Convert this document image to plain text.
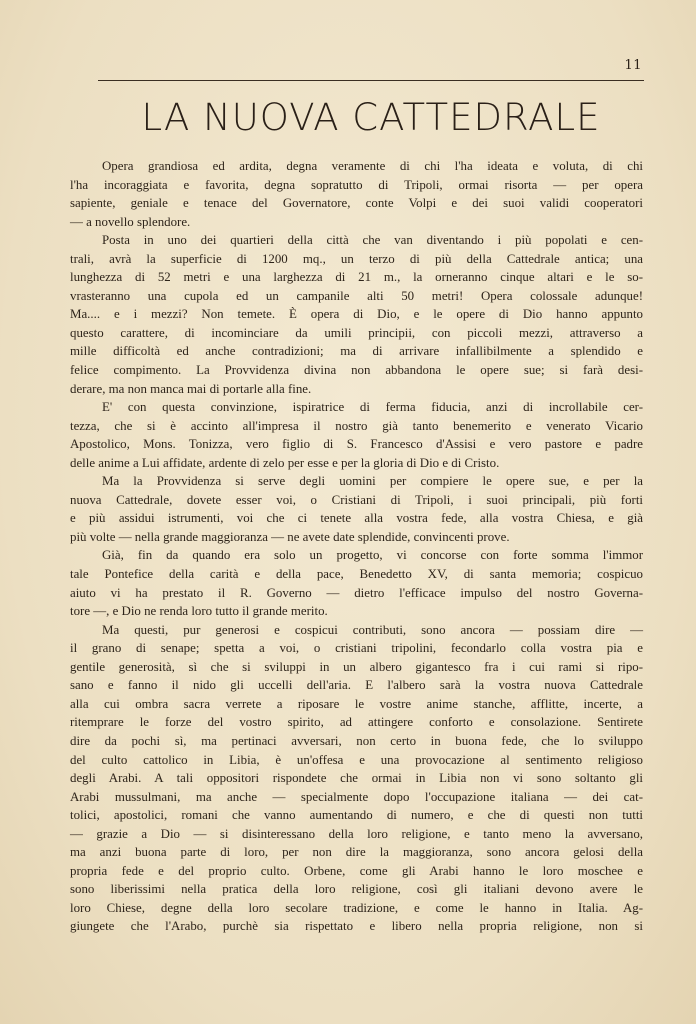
11
LA NUOVA CATTEDRALE
Opera grandiosa ed ardita, degna veramente di chi l'ha ideata e voluta, di chi
l'ha incoraggiata e favorita, degna sopratutto di Tripoli, ormai risorta — per opera
sapiente, geniale e tenace del Governatore, conte Volpi e dei suoi validi cooperatori
— a novello splendore.
Posta in uno dei quartieri della città che van diventando i più popolati e cen-
trali, avrà la superficie di 1200 mq., un terzo di più della Cattedrale antica; una
lunghezza di 52 metri e una larghezza di 21 m., la orneranno cinque altari e le so-
vrasteranno una cupola ed un campanile alti 50 metri! Opera colossale adunque!
Ma.... e i mezzi? Non temete. È opera di Dio, e le opere di Dio hanno appunto
questo carattere, di incominciare da umili principii, con piccoli mezzi, attraverso a
mille difficoltà ed anche contradizioni; ma di arrivare infallibilmente a splendido e
felice compimento. La Provvidenza divina non abbandona le opere sue; si farà desi-
derare, ma non manca mai di portarle alla fine.
E' con questa convinzione, ispiratrice di ferma fiducia, anzi di incrollabile cer-
tezza, che si è accinto all'impresa il nostro già tanto benemerito e venerato Vicario
Apostolico, Mons. Tonizza, vero figlio di S. Francesco d'Assisi e vero pastore e padre
delle anime a Lui affidate, ardente di zelo per esse e per la gloria di Dio e di Cristo.
Ma la Provvidenza si serve degli uomini per compiere le opere sue, e per la
nuova Cattedrale, dovete esser voi, o Cristiani di Tripoli, i suoi principali, più forti
e più assidui istrumenti, voi che ci tenete alla vostra fede, alla vostra Chiesa, e già
più volte — nella grande maggioranza — ne avete date splendide, convincenti prove.
Già, fin da quando era solo un progetto, vi concorse con forte somma l'immor
tale Pontefice della carità e della pace, Benedetto XV, di santa memoria; cospicuo
aiuto vi ha prestato il R. Governo — dietro l'efficace impulso del nostro Governa-
tore —, e Dio ne renda loro tutto il grande merito.
Ma questi, pur generosi e cospicui contributi, sono ancora — possiam dire —
il grano di senape; spetta a voi, o cristiani tripolini, fecondarlo colla vostra pia e
gentile generosità, sì che si sviluppi in un albero gigantesco fra i cui rami si ripo-
sano e fanno il nido gli uccelli dell'aria. E l'albero sarà la vostra nuova Cattedrale
alla cui ombra sacra verrete a riposare le vostre anime stanche, afflitte, incerte, a
ritemprare le forze del vostro spirito, ad attingere conforto e consolazione. Sentirete
dire da pochi sì, ma pertinaci avversari, non certo in buona fede, che lo sviluppo
del culto cattolico in Libia, è un'offesa e una provocazione al sentimento religioso
degli Arabi. A tali oppositori rispondete che ormai in Libia non vi sono soltanto gli
Arabi mussulmani, ma anche — specialmente dopo l'occupazione italiana — dei cat-
tolici, apostolici, romani che vanno aumentando di numero, e che di questi non tutti
— grazie a Dio — si disinteressano della loro religione, e tanto meno la avversano,
ma anzi buona parte di loro, per non dire la maggioranza, sono ancora gelosi della
propria fede e del proprio culto. Orbene, come gli Arabi hanno le loro moschee e
sono liberissimi nella pratica della loro religione, così gli italiani devono avere le
loro Chiese, degne della loro secolare tradizione, e come le hanno in Italia. Ag-
giungete che l'Arabo, purchè sia rispettato e libero nella propria religione, non si
